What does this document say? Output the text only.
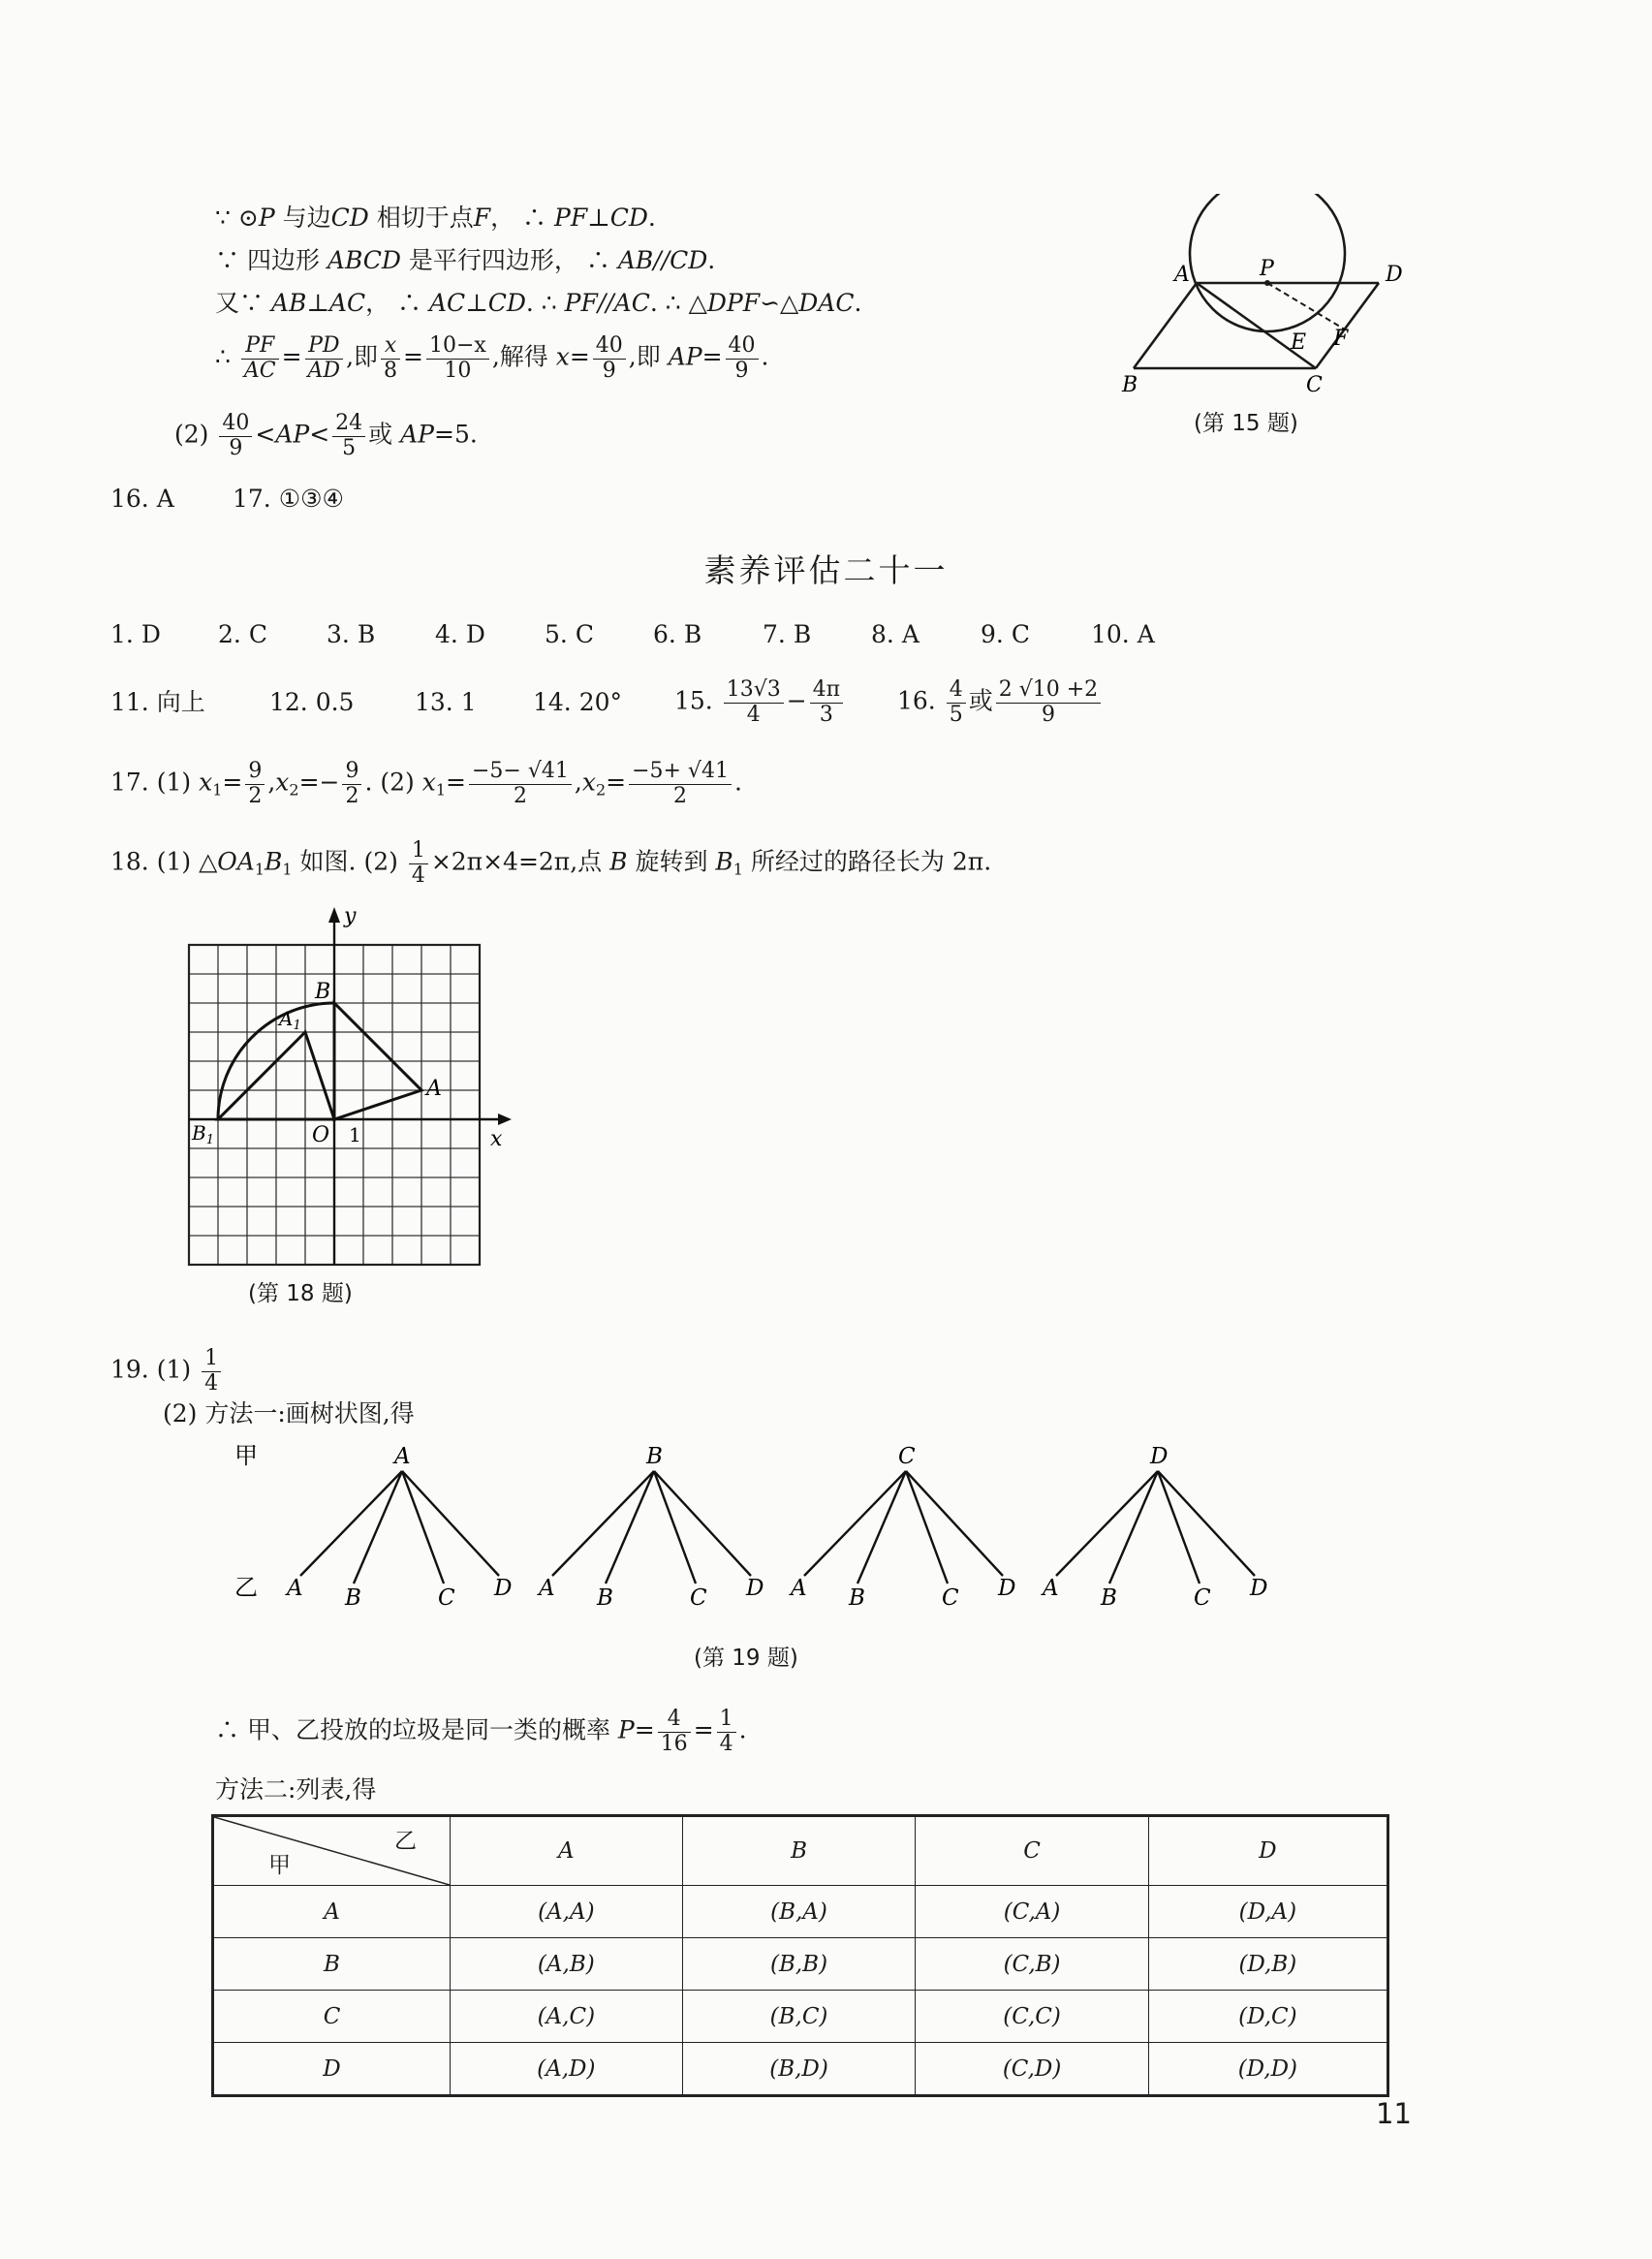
∵ ⊙P 与边CD 相切于点F， ∴ PF⊥CD.
∵ 四边形 ABCD 是平行四边形， ∴ AB//CD.
又∵ AB⊥AC， ∴ AC⊥CD. ∴ PF//AC. ∴ △DPF∽△DAC.
∴ $\frac{PF}{AC} = \frac{PD}{AD}$ ,即 $\frac{x}{8} = \frac{10-x}{10}$ ,解得 $x= \frac{40}{9}$ ,即 $AP= \frac{40}{9}$ .
$(2) \frac{40}{9} <AP< \frac{24}{5}$ 或 AP=5.
A	P	D
E F
B	C
(第 15 题)
16. A 17. ①③④
素养评估二十一
1. D 2. C 3. B 4. D 5. C 6. B	7. B 8. A	9. C	10. A
11. 向上	12. 0.5	13. 1 14. 20° 15. $\frac{13√3}{4} - \frac{4\pi}{3} 16$. $\frac{4}{5}$ 或 $\frac{2 √10 +2}{9}$
17. (1) $x_1= \frac{9}{2} ,x_2=- \frac{9}{2}$ . (2) $x_1= \frac{-5- √41}{2} ,x_2= \frac{-5+ √41}{2}$ .
18. (1) $\triangle OA_1B_1$ 如图. $(2) \frac{1}{4} \times 2\pi\times 4=2\pi$,点 B 旋转到 $B_1$ 所经过的路径长为 2π.
y
x
B
$A_1$
A
$B_1$	O 1
(第 18 题)
19. $(1) \frac{1}{4}$
(2) 方法一:画树状图,得
甲
乙
A	B	C	D
A B	C D A B	C D A B	C D A B	C D
(第 19 题)
∴ 甲、乙投放的垃圾是同一类的概率 $P= \frac{4}{16} = \frac{1}{4}$ .
方法二:列表,得
乙
甲	A	B	C	D
A	(A,A)	(B,A)	(C,A)	(D,A)
B	(A,B)	(B,B)	(C,B)	(D,B)
C	(A,C)	(B,C)	(C,C)	(D,C)
D	(A,D)	(B,D)	(C,D)	(D,D)
11
